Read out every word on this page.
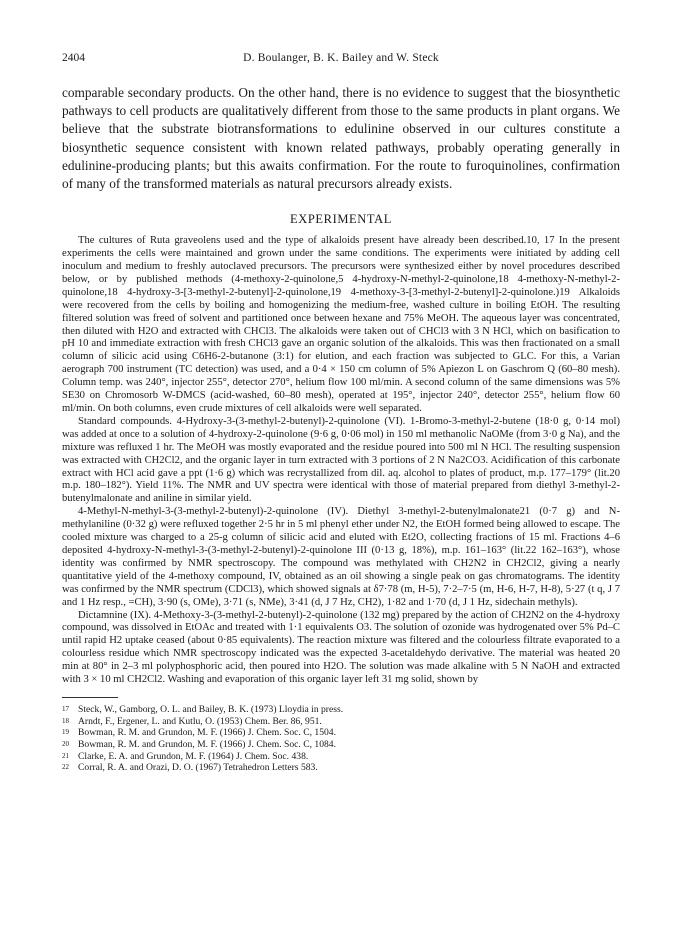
2404	D. Boulanger, B. K. Bailey and W. Steck

comparable secondary products. On the other hand, there is no evidence to suggest that the biosynthetic pathways to cell products are qualitatively different from those to the same products in plant organs. We believe that the substrate biotransformations to edulinine observed in our cultures constitute a biosynthetic sequence consistent with known related pathways, probably operating generally in edulinine-producing plants; but this awaits confirmation. For the route to furoquinolines, confirmation of many of the transformed materials as natural precursors already exists.

EXPERIMENTAL

The cultures of Ruta graveolens used and the type of alkaloids present have already been described.10, 17 In the present experiments the cells were maintained and grown under the same conditions. The experiments were initiated by adding cell inoculum and medium to freshly autoclaved precursors. The precursors were synthesized either by novel procedures described below, or by published methods (4-methoxy-2-quinolone,5 4-hydroxy-N-methyl-2-quinolone,18 4-methoxy-N-methyl-2-quinolone,18 4-hydroxy-3-[3-methyl-2-butenyl]-2-quinolone,19 4-methoxy-3-[3-methyl-2-butenyl]-2-quinolone.)19 Alkaloids were recovered from the cells by boiling and homogenizing the medium-free, washed culture in boiling EtOH. The resulting filtered solution was freed of solvent and partitioned once between hexane and 75% MeOH. The aqueous layer was concentrated, then diluted with H2O and extracted with CHCl3. The alkaloids were taken out of CHCl3 with 3 N HCl, which on basification to pH 10 and immediate extraction with fresh CHCl3 gave an organic solution of the alkaloids. This was then fractionated on a small column of silicic acid using C6H6-2-butanone (3:1) for elution, and each fraction was subjected to GLC. For this, a Varian aerograph 700 instrument (TC detection) was used, and a 0·4 × 150 cm column of 5% Apiezon L on Gaschrom Q (60–80 mesh). Column temp. was 240°, injector 255°, detector 270°, helium flow 100 ml/min. A second column of the same dimensions was 5% SE30 on Chromosorb W-DMCS (acid-washed, 60–80 mesh), operated at 195°, injector 240°, detector 255°, helium flow 60 ml/min. On both columns, even crude mixtures of cell alkaloids were well separated.

Standard compounds. 4-Hydroxy-3-(3-methyl-2-butenyl)-2-quinolone (VI). 1-Bromo-3-methyl-2-butene (18·0 g, 0·14 mol) was added at once to a solution of 4-hydroxy-2-quinolone (9·6 g, 0·06 mol) in 150 ml methanolic NaOMe (from 3·0 g Na), and the mixture was refluxed 1 hr. The MeOH was mostly evaporated and the residue poured into 500 ml N HCl. The resulting suspension was extracted with CH2Cl2, and the organic layer in turn extracted with 3 portions of 2 N Na2CO3. Acidification of this carbonate extract with HCl acid gave a ppt (1·6 g) which was recrystallized from dil. aq. alcohol to plates of product, m.p. 177–179° (lit.20 m.p. 180–182°). Yield 11%. The NMR and UV spectra were identical with those of material prepared from diethyl 3-methyl-2-butenylmalonate and aniline in similar yield.

4-Methyl-N-methyl-3-(3-methyl-2-butenyl)-2-quinolone (IV). Diethyl 3-methyl-2-butenylmalonate21 (0·7 g) and N-methylaniline (0·32 g) were refluxed together 2·5 hr in 5 ml phenyl ether under N2, the EtOH formed being allowed to escape. The cooled mixture was charged to a 25-g column of silicic acid and eluted with Et2O, collecting fractions of 15 ml. Fractions 4–6 deposited 4-hydroxy-N-methyl-3-(3-methyl-2-butenyl)-2-quinolone III (0·13 g, 18%), m.p. 161–163° (lit.22 162–163°), whose identity was confirmed by NMR spectroscopy. The compound was methylated with CH2N2 in CH2Cl2, giving a nearly quantitative yield of the 4-methoxy compound, IV, obtained as an oil showing a single peak on gas chromatograms. The identity was confirmed by the NMR spectrum (CDCl3), which showed signals at δ7·78 (m, H-5), 7·2–7·5 (m, H-6, H-7, H-8), 5·27 (t q, J 7 and 1 Hz resp., =CH), 3·90 (s, OMe), 3·71 (s, NMe), 3·41 (d, J 7 Hz, CH2), 1·82 and 1·70 (d, J 1 Hz, sidechain methyls).

Dictamnine (IX). 4-Methoxy-3-(3-methyl-2-butenyl)-2-quinolone (132 mg) prepared by the action of CH2N2 on the 4-hydroxy compound, was dissolved in EtOAc and treated with 1·1 equivalents O3. The solution of ozonide was hydrogenated over 5% Pd–C until rapid H2 uptake ceased (about 0·85 equivalents). The reaction mixture was filtered and the colourless filtrate evaporated to a colourless residue which NMR spectroscopy indicated was the expected 3-acetaldehydo derivative. The material was heated 20 min at 80° in 2–3 ml polyphosphoric acid, then poured into H2O. The solution was made alkaline with 5 N NaOH and extracted with 3 × 10 ml CH2Cl2. Washing and evaporation of this organic layer left 31 mg solid, shown by

17 Steck, W., Gamborg, O. L. and Bailey, B. K. (1973) Lloydia in press.
18 Arndt, F., Ergener, L. and Kutlu, O. (1953) Chem. Ber. 86, 951.
19 Bowman, R. M. and Grundon, M. F. (1966) J. Chem. Soc. C, 1504.
20 Bowman, R. M. and Grundon, M. F. (1966) J. Chem. Soc. C, 1084.
21 Clarke, E. A. and Grundon, M. F. (1964) J. Chem. Soc. 438.
22 Corral, R. A. and Orazi, D. O. (1967) Tetrahedron Letters 583.
